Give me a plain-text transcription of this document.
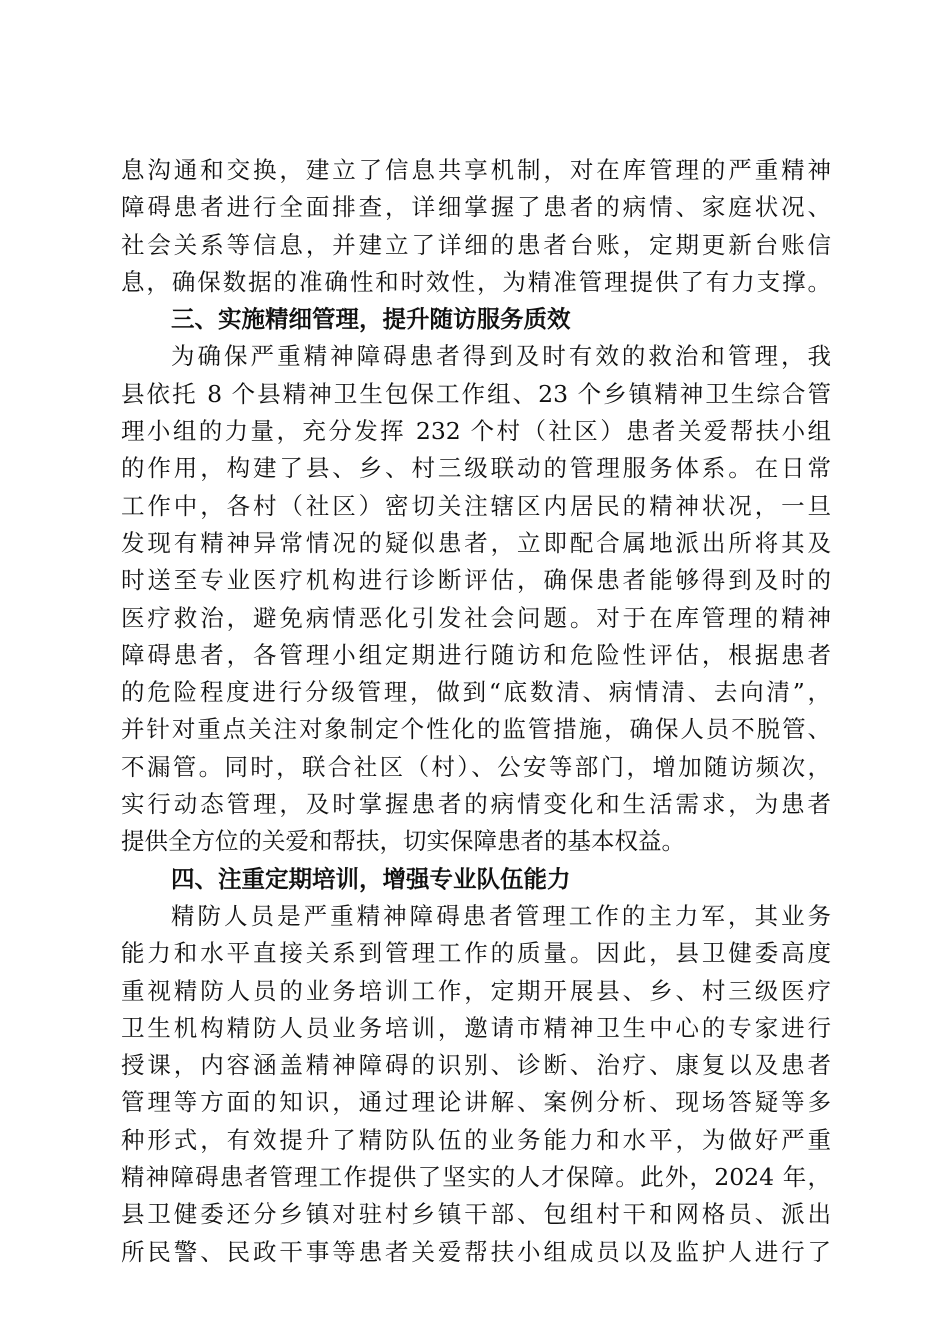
息沟通和交换，建立了信息共享机制，对在库管理的严重精神
障碍患者进行全面排查，详细掌握了患者的病情、家庭状况、
社会关系等信息，并建立了详细的患者台账，定期更新台账信
息，确保数据的准确性和时效性，为精准管理提供了有力支撑。
三、实施精细管理，提升随访服务质效
为确保严重精神障碍患者得到及时有效的救治和管理，我
县依托 8 个县精神卫生包保工作组、23 个乡镇精神卫生综合管
理小组的力量，充分发挥 232 个村（社区）患者关爱帮扶小组
的作用，构建了县、乡、村三级联动的管理服务体系。在日常
工作中，各村（社区）密切关注辖区内居民的精神状况，一旦
发现有精神异常情况的疑似患者，立即配合属地派出所将其及
时送至专业医疗机构进行诊断评估，确保患者能够得到及时的
医疗救治，避免病情恶化引发社会问题。对于在库管理的精神
障碍患者，各管理小组定期进行随访和危险性评估，根据患者
的危险程度进行分级管理，做到“底数清、病情清、去向清”，
并针对重点关注对象制定个性化的监管措施，确保人员不脱管、
不漏管。同时，联合社区（村）、公安等部门，增加随访频次，
实行动态管理，及时掌握患者的病情变化和生活需求，为患者
提供全方位的关爱和帮扶，切实保障患者的基本权益。
四、注重定期培训，增强专业队伍能力
精防人员是严重精神障碍患者管理工作的主力军，其业务
能力和水平直接关系到管理工作的质量。因此，县卫健委高度
重视精防人员的业务培训工作，定期开展县、乡、村三级医疗
卫生机构精防人员业务培训，邀请市精神卫生中心的专家进行
授课，内容涵盖精神障碍的识别、诊断、治疗、康复以及患者
管理等方面的知识，通过理论讲解、案例分析、现场答疑等多
种形式，有效提升了精防队伍的业务能力和水平，为做好严重
精神障碍患者管理工作提供了坚实的人才保障。此外，2024 年，
县卫健委还分乡镇对驻村乡镇干部、包组村干和网格员、派出
所民警、民政干事等患者关爱帮扶小组成员以及监护人进行了
